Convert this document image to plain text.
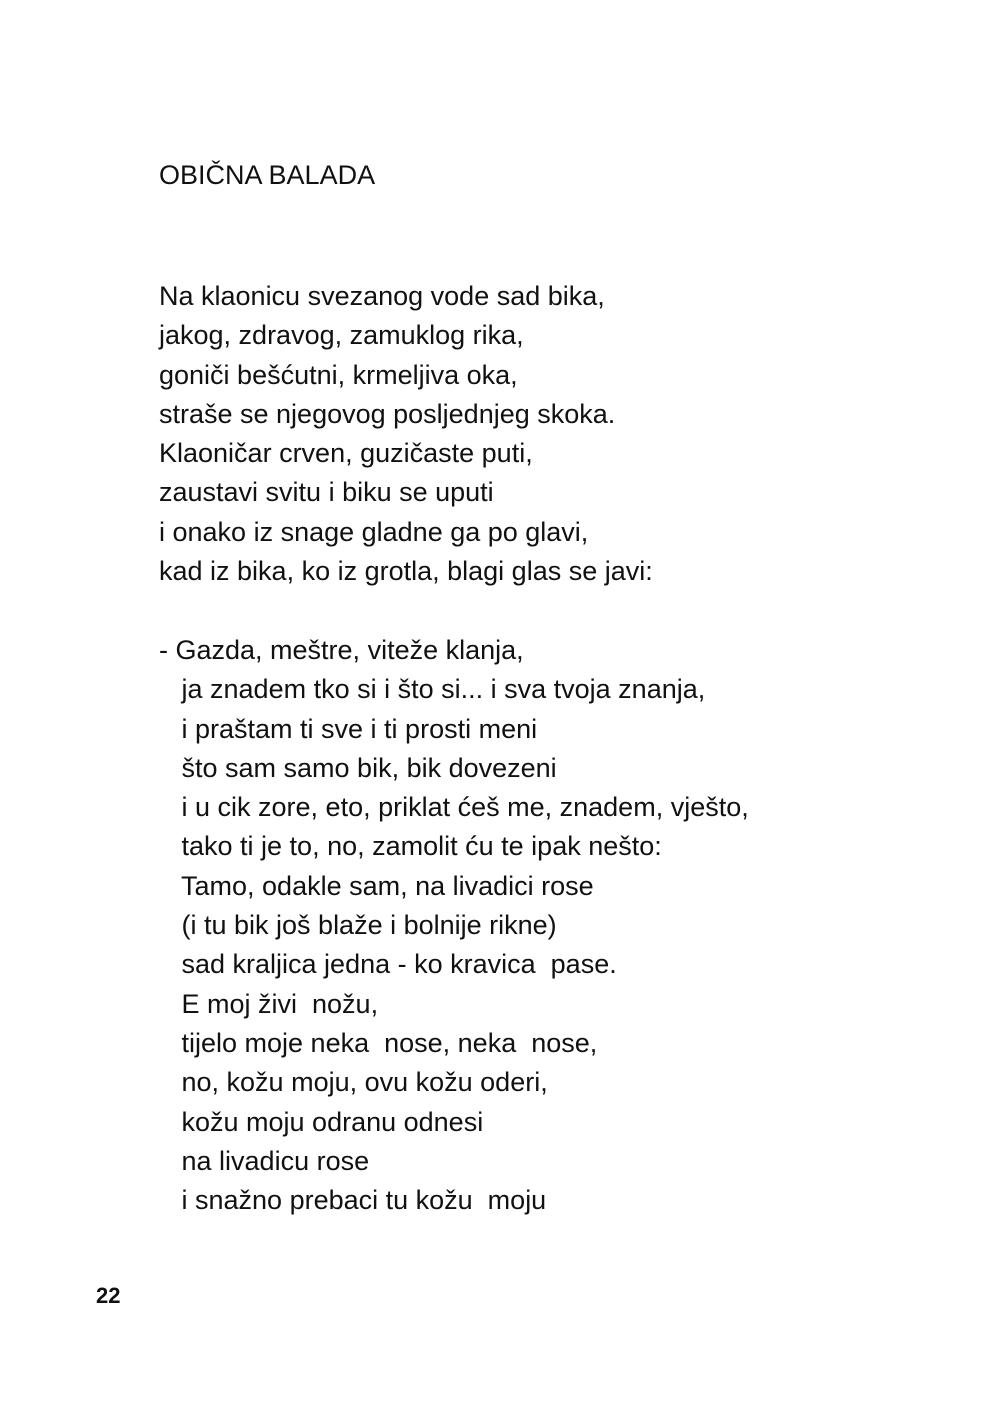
OBIČNA BALADA
Na klaonicu svezanog vode sad bika,
jakog, zdravog, zamuklog rika,
goniči bešćutni, krmeljiva oka,
straše se njegovog posljednjeg skoka.
Klaoničar crven, guzičaste puti,
zaustavi svitu i biku se uputi
i onako iz snage gladne ga po glavi,
kad iz bika, ko iz grotla, blagi glas se javi:
- Gazda, meštre, viteže klanja,
ja znadem tko si i što si... i sva tvoja znanja,
i praštam ti sve i ti prosti meni
što sam samo bik, bik dovezeni
i u cik zore, eto, priklat ćeš me, znadem, vješto,
tako ti je to, no, zamolit ću te ipak nešto:
Tamo, odakle sam, na livadici rose
(i tu bik još blaže i bolnije rikne)
sad kraljica jedna - ko kravica  pase.
E moj živi  nožu,
tijelo moje neka  nose, neka  nose,
no, kožu moju, ovu kožu oderi,
kožu moju odranu odnesi
na livadicu rose
i snažno prebaci tu kožu  moju
22
